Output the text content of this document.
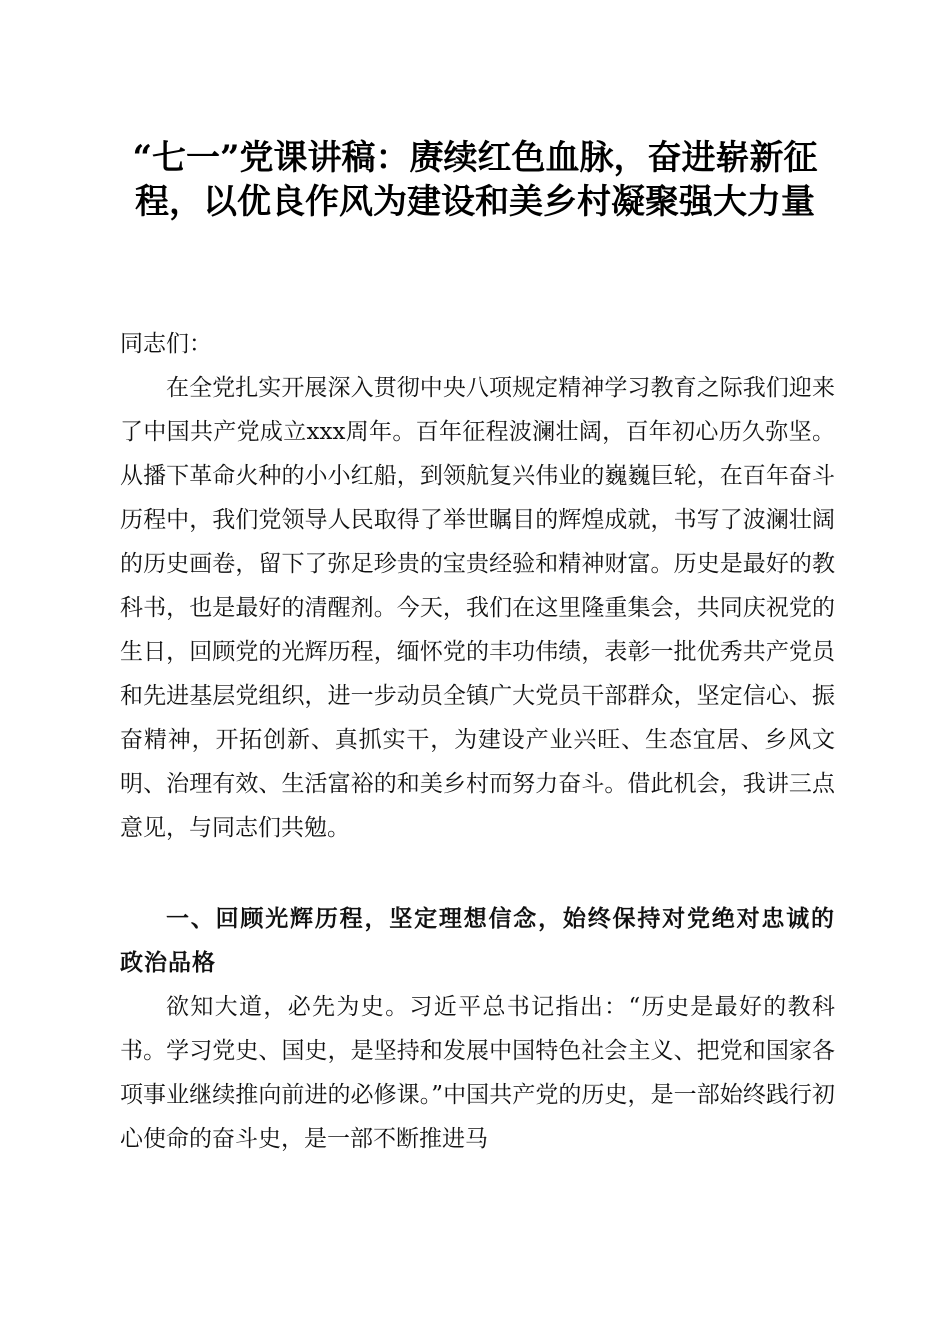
“七一”党课讲稿：赓续红色血脉，奋进崭新征程，以优良作风为建设和美乡村凝聚强大力量

同志们：

在全党扎实开展深入贯彻中央八项规定精神学习教育之际我们迎来了中国共产党成立xxx周年。百年征程波澜壮阔，百年初心历久弥坚。从播下革命火种的小小红船，到领航复兴伟业的巍巍巨轮，在百年奋斗历程中，我们党领导人民取得了举世瞩目的辉煌成就，书写了波澜壮阔的历史画卷，留下了弥足珍贵的宝贵经验和精神财富。历史是最好的教科书，也是最好的清醒剂。今天，我们在这里隆重集会，共同庆祝党的生日，回顾党的光辉历程，缅怀党的丰功伟绩，表彰一批优秀共产党员和先进基层党组织，进一步动员全镇广大党员干部群众，坚定信心、振奋精神，开拓创新、真抓实干，为建设产业兴旺、生态宜居、乡风文明、治理有效、生活富裕的和美乡村而努力奋斗。借此机会，我讲三点意见，与同志们共勉。

一、回顾光辉历程，坚定理想信念，始终保持对党绝对忠诚的政治品格

欲知大道，必先为史。习近平总书记指出：“历史是最好的教科书。学习党史、国史，是坚持和发展中国特色社会主义、把党和国家各项事业继续推向前进的必修课。”中国共产党的历史，是一部始终践行初心使命的奋斗史，是一部不断推进马
